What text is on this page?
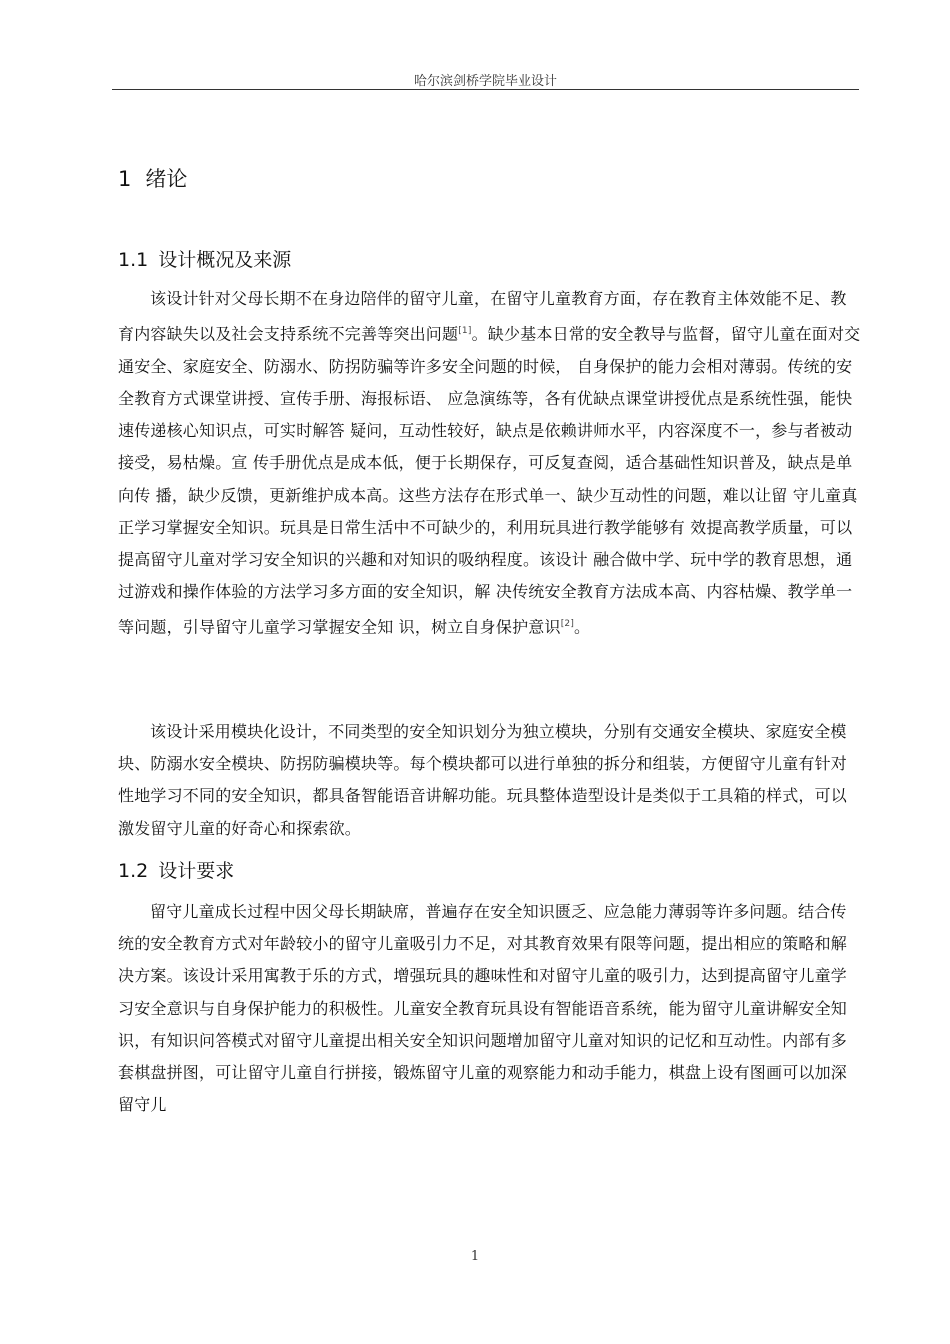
哈尔滨剑桥学院毕业设计
1 绪论
1.1 设计概况及来源
该设计针对父母长期不在身边陪伴的留守儿童，在留守儿童教育方面，存在教育主体效能不足、教育内容缺失以及社会支持系统不完善等突出问题[1]。缺少基本日常的安全教导与监督，留守儿童在面对交通安全、家庭安全、防溺水、防拐防骗等许多安全问题的时候， 自身保护的能力会相对薄弱。传统的安全教育方式课堂讲授、宣传手册、海报标语、 应急演练等，各有优缺点课堂讲授优点是系统性强，能快速传递核心知识点，可实时解答 疑问，互动性较好，缺点是依赖讲师水平，内容深度不一，参与者被动接受，易枯燥。宣 传手册优点是成本低，便于长期保存，可反复查阅，适合基础性知识普及，缺点是单向传 播，缺少反馈，更新维护成本高。这些方法存在形式单一、缺少互动性的问题，难以让留 守儿童真正学习掌握安全知识。玩具是日常生活中不可缺少的，利用玩具进行教学能够有 效提高教学质量，可以提高留守儿童对学习安全知识的兴趣和对知识的吸纳程度。该设计 融合做中学、玩中学的教育思想，通过游戏和操作体验的方法学习多方面的安全知识，解 决传统安全教育方法成本高、内容枯燥、教学单一等问题，引导留守儿童学习掌握安全知 识，树立自身保护意识[2]。
该设计采用模块化设计，不同类型的安全知识划分为独立模块，分别有交通安全模块、家庭安全模块、防溺水安全模块、防拐防骗模块等。每个模块都可以进行单独的拆分和组装，方便留守儿童有针对性地学习不同的安全知识，都具备智能语音讲解功能。玩具整体造型设计是类似于工具箱的样式，可以激发留守儿童的好奇心和探索欲。
1.2 设计要求
留守儿童成长过程中因父母长期缺席，普遍存在安全知识匮乏、应急能力薄弱等许多问题。结合传统的安全教育方式对年龄较小的留守儿童吸引力不足，对其教育效果有限等问题，提出相应的策略和解决方案。该设计采用寓教于乐的方式，增强玩具的趣味性和对留守儿童的吸引力，达到提高留守儿童学习安全意识与自身保护能力的积极性。儿童安全教育玩具设有智能语音系统，能为留守儿童讲解安全知识，有知识问答模式对留守儿童提出相关安全知识问题增加留守儿童对知识的记忆和互动性。内部有多套棋盘拼图，可让留守儿童自行拼接，锻炼留守儿童的观察能力和动手能力，棋盘上设有图画可以加深留守儿
1
